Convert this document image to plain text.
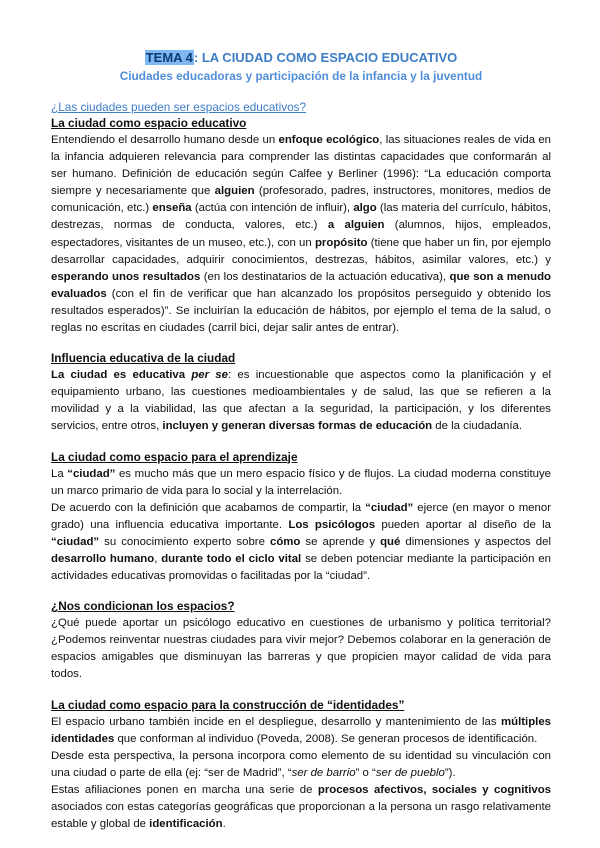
TEMA 4: LA CIUDAD COMO ESPACIO EDUCATIVO

Ciudades educadoras y participación de la infancia y la juventud

¿Las ciudades pueden ser espacios educativos?

La ciudad como espacio educativo

Entendiendo el desarrollo humano desde un enfoque ecológico, las situaciones reales de vida en la infancia adquieren relevancia para comprender las distintas capacidades que conformarán al ser humano. Definición de educación según Calfee y Berliner (1996): “La educación comporta siempre y necesariamente que alguien (profesorado, padres, instructores, monitores, medios de comunicación, etc.) enseña (actúa con intención de influir), algo (las materia del currículo, hábitos, destrezas, normas de conducta, valores, etc.) a alguien (alumnos, hijos, empleados, espectadores, visitantes de un museo, etc.), con un propósito (tiene que haber un fin, por ejemplo desarrollar capacidades, adquirir conocimientos, destrezas, hábitos, asimilar valores, etc.) y esperando unos resultados (en los destinatarios de la actuación educativa), que son a menudo evaluados (con el fin de verificar que han alcanzado los propósitos perseguido y obtenido los resultados esperados)”. Se incluirían la educación de hábitos, por ejemplo el tema de la salud, o reglas no escritas en ciudades (carril bici, dejar salir antes de entrar).

Influencia educativa de la ciudad

La ciudad es educativa per se: es incuestionable que aspectos como la planificación y el equipamiento urbano, las cuestiones medioambientales y de salud, las que se refieren a la movilidad y a la viabilidad, las que afectan a la seguridad, la participación, y los diferentes servicios, entre otros, incluyen y generan diversas formas de educación de la ciudadanía.

La ciudad como espacio para el aprendizaje

La “ciudad” es mucho más que un mero espacio físico y de flujos. La ciudad moderna constituye un marco primario de vida para lo social y la interrelación.

De acuerdo con la definición que acabamos de compartir, la “ciudad” ejerce (en mayor o menor grado) una influencia educativa importante. Los psicólogos pueden aportar al diseño de la “ciudad” su conocimiento experto sobre cómo se aprende y qué dimensiones y aspectos del desarrollo humano, durante todo el ciclo vital se deben potenciar mediante la participación en actividades educativas promovidas o facilitadas por la “ciudad”.

¿Nos condicionan los espacios?

¿Qué puede aportar un psicólogo educativo en cuestiones de urbanismo y política territorial? ¿Podemos reinventar nuestras ciudades para vivir mejor? Debemos colaborar en la generación de espacios amigables que disminuyan las barreras y que propicien mayor calidad de vida para todos.

La ciudad como espacio para la construcción de “identidades”

El espacio urbano también incide en el despliegue, desarrollo y mantenimiento de las múltiples identidades que conforman al individuo (Poveda, 2008). Se generan procesos de identificación.

Desde esta perspectiva, la persona incorpora como elemento de su identidad su vinculación con una ciudad o parte de ella (ej: “ser de Madrid”, “ser de barrio” o “ser de pueblo”).

Estas afiliaciones ponen en marcha una serie de procesos afectivos, sociales y cognitivos asociados con estas categorías geográficas que proporcionan a la persona un rasgo relativamente estable y global de identificación.
